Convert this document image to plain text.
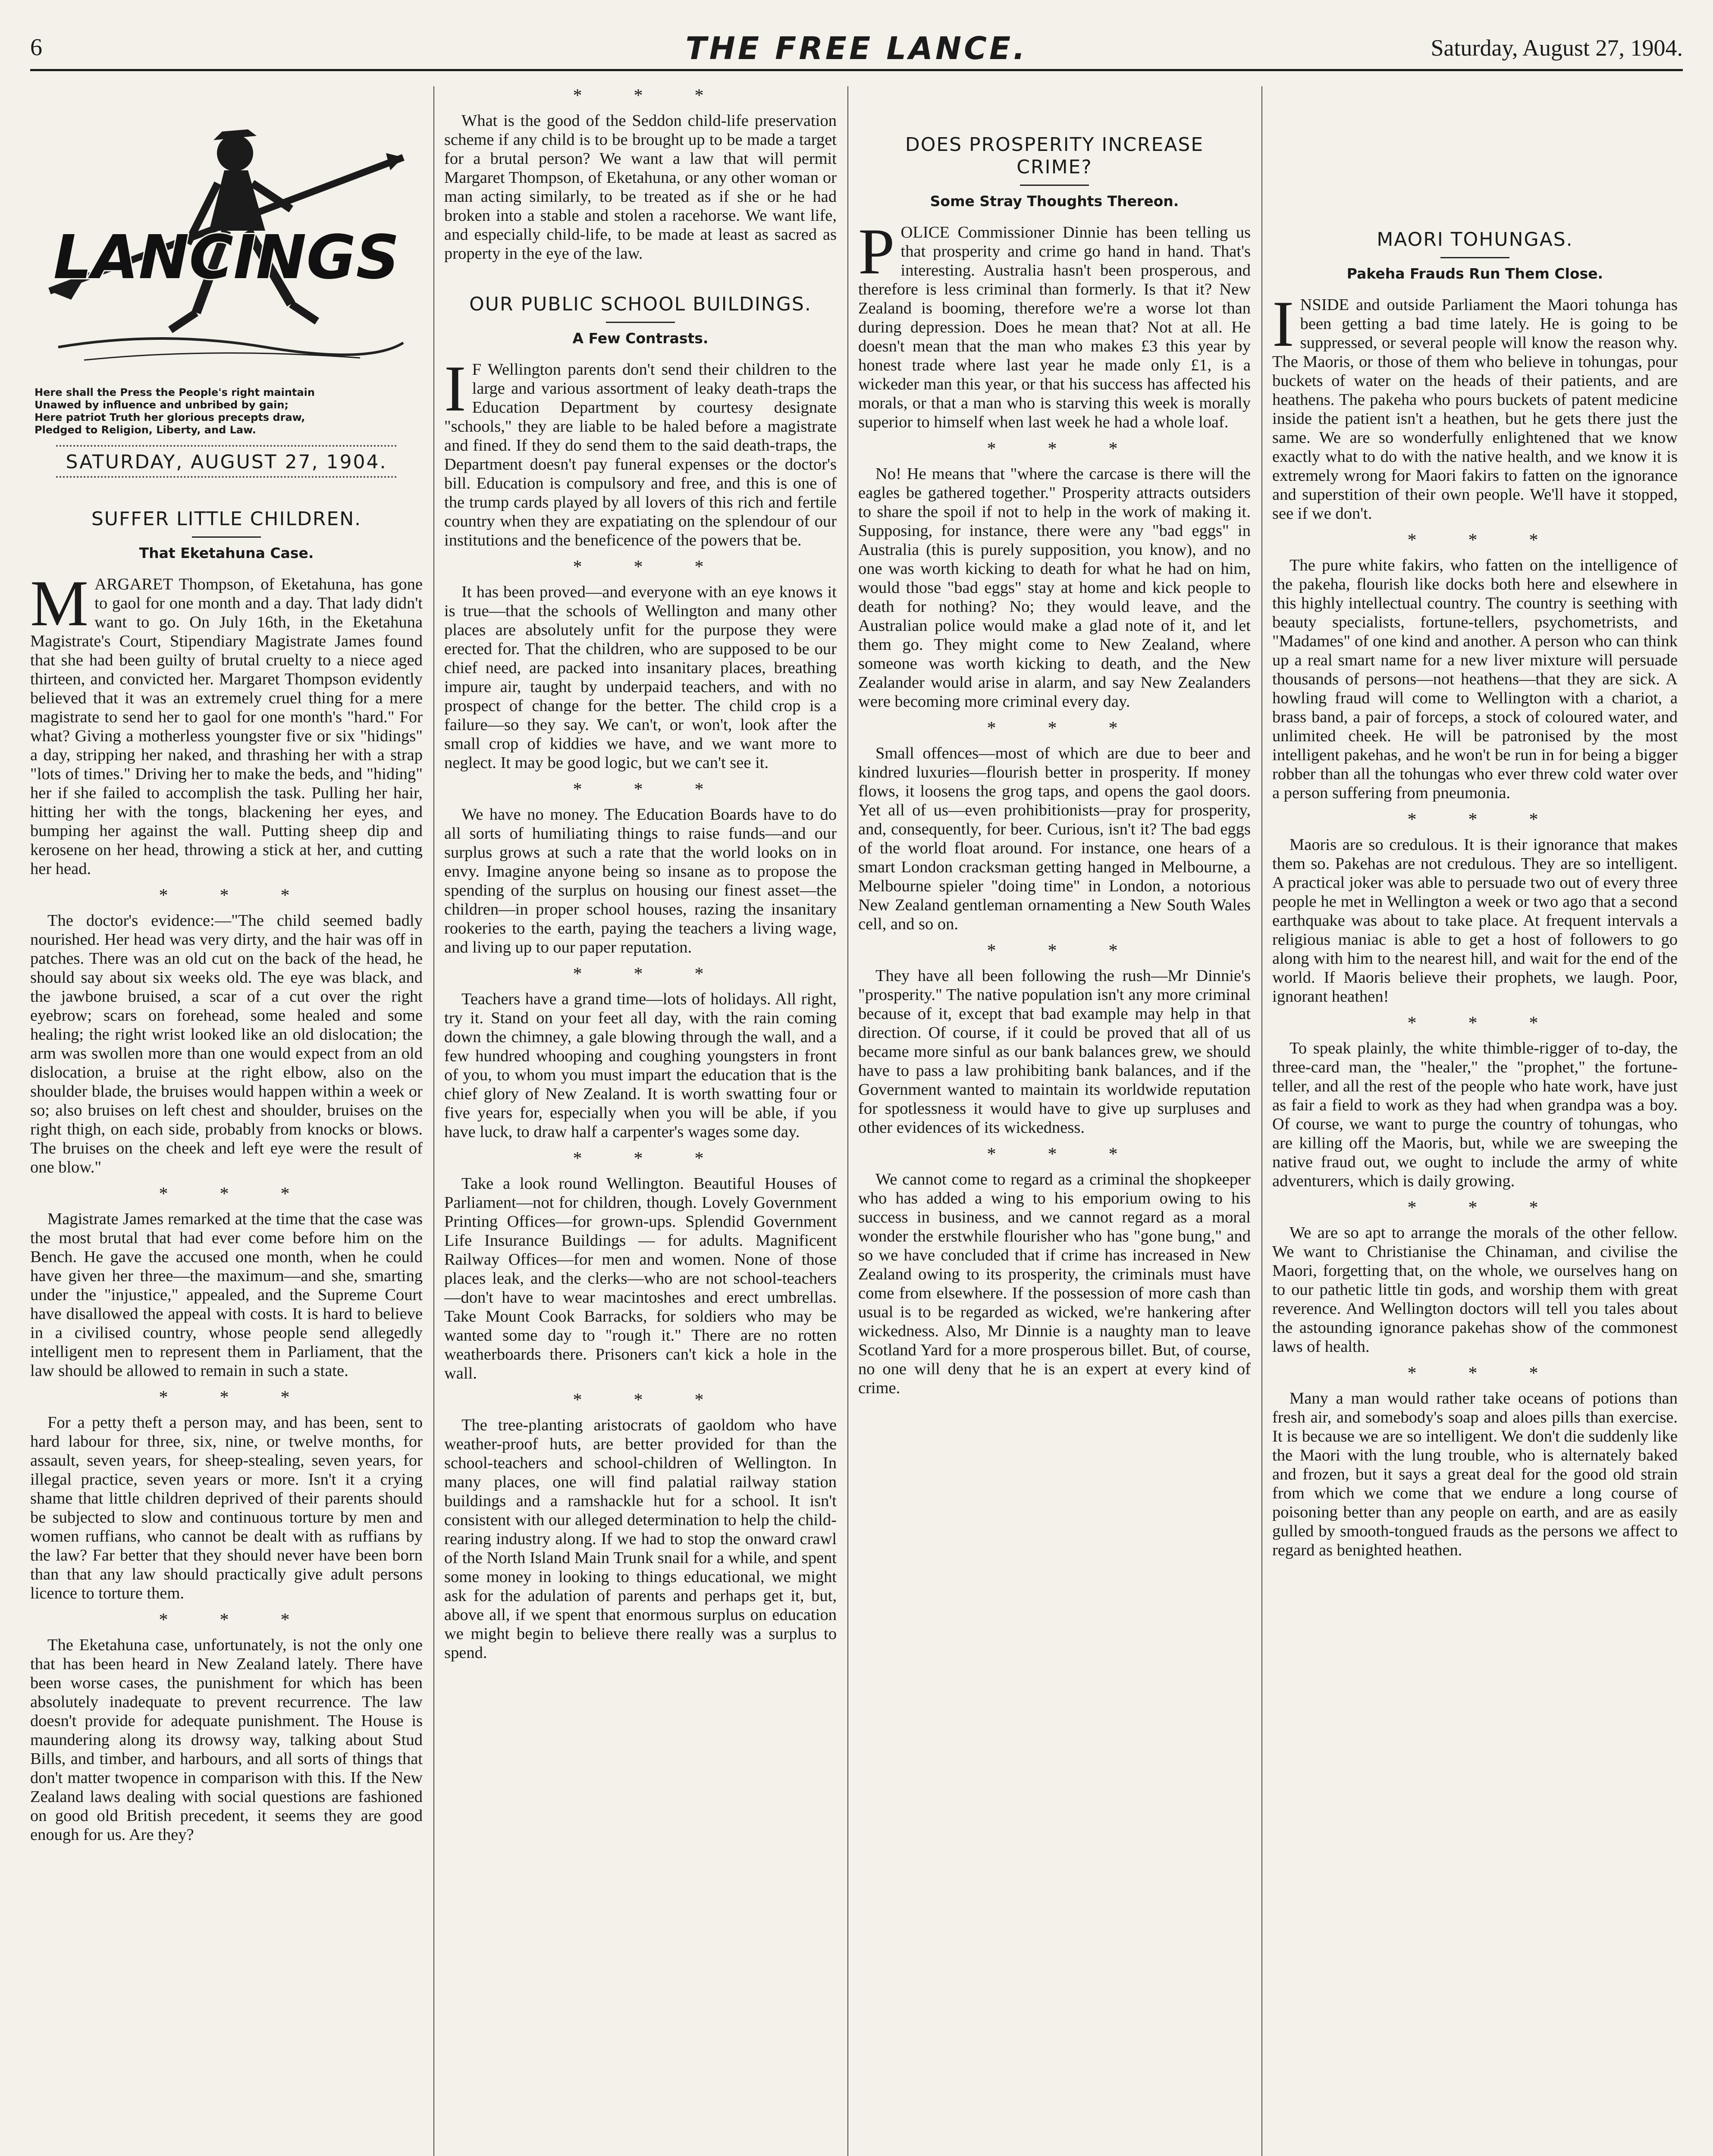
6	THE FREE LANCE.	Saturday, August 27, 1904.
LANCINGS
Here shall the Press the People's right maintain
Unawed by influence and unbribed by gain;
Here patriot Truth her glorious precepts draw,
Pledged to Religion, Liberty, and Law.
SATURDAY, AUGUST 27, 1904.
SUFFER LITTLE CHILDREN.
That Eketahuna Case.

MARGARET Thompson, of Eketahuna, has gone to gaol for one month and a day. That lady didn't want to go. On July 16th, in the Eketahuna Magistrate's Court, Stipendiary Magistrate James found that she had been guilty of brutal cruelty to a niece aged thirteen, and convicted her. Margaret Thompson evidently believed that it was an extremely cruel thing for a mere magistrate to send her to gaol for one month's "hard." For what? Giving a motherless youngster five or six "hidings" a day, stripping her naked, and thrashing her with a strap "lots of times." Driving her to make the beds, and "hiding" her if she failed to accomplish the task. Pulling her hair, hitting her with the tongs, blackening her eyes, and bumping her against the wall. Putting sheep dip and kerosene on her head, throwing a stick at her, and cutting her head.

***

The doctor's evidence:—"The child seemed badly nourished. Her head was very dirty, and the hair was off in patches. There was an old cut on the back of the head, he should say about six weeks old. The eye was black, and the jawbone bruised, a scar of a cut over the right eyebrow; scars on forehead, some healed and some healing; the right wrist looked like an old dislocation; the arm was swollen more than one would expect from an old dislocation, a bruise at the right elbow, also on the shoulder blade, the bruises would happen within a week or so; also bruises on left chest and shoulder, bruises on the right thigh, on each side, probably from knocks or blows. The bruises on the cheek and left eye were the result of one blow."

***

Magistrate James remarked at the time that the case was the most brutal that had ever come before him on the Bench. He gave the accused one month, when he could have given her three—the maximum—and she, smarting under the "injustice," appealed, and the Supreme Court have disallowed the appeal with costs. It is hard to believe in a civilised country, whose people send allegedly intelligent men to represent them in Parliament, that the law should be allowed to remain in such a state.

***

For a petty theft a person may, and has been, sent to hard labour for three, six, nine, or twelve months, for assault, seven years, for sheep-stealing, seven years, for illegal practice, seven years or more. Isn't it a crying shame that little children deprived of their parents should be subjected to slow and continuous torture by men and women ruffians, who cannot be dealt with as ruffians by the law? Far better that they should never have been born than that any law should practically give adult persons licence to torture them.

***

The Eketahuna case, unfortunately, is not the only one that has been heard in New Zealand lately. There have been worse cases, the punishment for which has been absolutely inadequate to prevent recurrence. The law doesn't provide for adequate punishment. The House is maundering along its drowsy way, talking about Stud Bills, and timber, and harbours, and all sorts of things that don't matter twopence in comparison with this. If the New Zealand laws dealing with social questions are fashioned on good old British precedent, it seems they are good enough for us. Are they?

***

What is the good of the Seddon child-life preservation scheme if any child is to be brought up to be made a target for a brutal person? We want a law that will permit Margaret Thompson, of Eketahuna, or any other woman or man acting similarly, to be treated as if she or he had broken into a stable and stolen a racehorse. We want life, and especially child-life, to be made at least as sacred as property in the eye of the law.

OUR PUBLIC SCHOOL BUILDINGS.
A Few Contrasts.

I F Wellington parents don't send their children to the large and various assortment of leaky death-traps the Education Department by courtesy designate "schools," they are liable to be haled before a magistrate and fined. If they do send them to the said death-traps, the Department doesn't pay funeral expenses or the doctor's bill. Education is compulsory and free, and this is one of the trump cards played by all lovers of this rich and fertile country when they are expatiating on the splendour of our institutions and the beneficence of the powers that be.

***

It has been proved—and everyone with an eye knows it is true—that the schools of Wellington and many other places are absolutely unfit for the purpose they were erected for. That the children, who are supposed to be our chief need, are packed into insanitary places, breathing impure air, taught by underpaid teachers, and with no prospect of change for the better. The child crop is a failure—so they say. We can't, or won't, look after the small crop of kiddies we have, and we want more to neglect. It may be good logic, but we can't see it.

***

We have no money. The Education Boards have to do all sorts of humiliating things to raise funds—and our surplus grows at such a rate that the world looks on in envy. Imagine anyone being so insane as to propose the spending of the surplus on housing our finest asset—the children—in proper school houses, razing the insanitary rookeries to the earth, paying the teachers a living wage, and living up to our paper reputation.

***

Teachers have a grand time—lots of holidays. All right, try it. Stand on your feet all day, with the rain coming down the chimney, a gale blowing through the wall, and a few hundred whooping and coughing youngsters in front of you, to whom you must impart the education that is the chief glory of New Zealand. It is worth swatting four or five years for, especially when you will be able, if you have luck, to draw half a carpenter's wages some day.

***

Take a look round Wellington. Beautiful Houses of Parliament—not for children, though. Lovely Government Printing Offices—for grown-ups. Splendid Government Life Insurance Buildings — for adults. Magnificent Railway Offices—for men and women. None of those places leak, and the clerks—who are not school-teachers—don't have to wear macintoshes and erect umbrellas. Take Mount Cook Barracks, for soldiers who may be wanted some day to "rough it." There are no rotten weatherboards there. Prisoners can't kick a hole in the wall.

***

The tree-planting aristocrats of gaoldom who have weather-proof huts, are better provided for than the school-teachers and school-children of Wellington. In many places, one will find palatial railway station buildings and a ramshackle hut for a school. It isn't consistent with our alleged determination to help the child-rearing industry along. If we had to stop the onward crawl of the North Island Main Trunk snail for a while, and spent some money in looking to things educational, we might ask for the adulation of parents and perhaps get it, but, above all, if we spent that enormous surplus on education we might begin to believe there really was a surplus to spend.

DOES PROSPERITY INCREASE CRIME?
Some Stray Thoughts Thereon.

POLICE Commissioner Dinnie has been telling us that prosperity and crime go hand in hand. That's interesting. Australia hasn't been prosperous, and therefore is less criminal than formerly. Is that it? New Zealand is booming, therefore we're a worse lot than during depression. Does he mean that? Not at all. He doesn't mean that the man who makes £3 this year by honest trade where last year he made only £1, is a wickeder man this year, or that his success has affected his morals, or that a man who is starving this week is morally superior to himself when last week he had a whole loaf.

***

No! He means that "where the carcase is there will the eagles be gathered together." Prosperity attracts outsiders to share the spoil if not to help in the work of making it. Supposing, for instance, there were any "bad eggs" in Australia (this is purely supposition, you know), and no one was worth kicking to death for what he had on him, would those "bad eggs" stay at home and kick people to death for nothing? No; they would leave, and the Australian police would make a glad note of it, and let them go. They might come to New Zealand, where someone was worth kicking to death, and the New Zealander would arise in alarm, and say New Zealanders were becoming more criminal every day.

***

Small offences—most of which are due to beer and kindred luxuries—flourish better in prosperity. If money flows, it loosens the grog taps, and opens the gaol doors. Yet all of us—even prohibitionists—pray for prosperity, and, consequently, for beer. Curious, isn't it? The bad eggs of the world float around. For instance, one hears of a smart London cracksman getting hanged in Melbourne, a Melbourne spieler "doing time" in London, a notorious New Zealand gentleman ornamenting a New South Wales cell, and so on.

***

They have all been following the rush—Mr Dinnie's "prosperity." The native population isn't any more criminal because of it, except that bad example may help in that direction. Of course, if it could be proved that all of us became more sinful as our bank balances grew, we should have to pass a law prohibiting bank balances, and if the Government wanted to maintain its worldwide reputation for spotlessness it would have to give up surpluses and other evidences of its wickedness.

***

We cannot come to regard as a criminal the shopkeeper who has added a wing to his emporium owing to his success in business, and we cannot regard as a moral wonder the erstwhile flourisher who has "gone bung," and so we have concluded that if crime has increased in New Zealand owing to its prosperity, the criminals must have come from elsewhere. If the possession of more cash than usual is to be regarded as wicked, we're hankering after wickedness. Also, Mr Dinnie is a naughty man to leave Scotland Yard for a more prosperous billet. But, of course, no one will deny that he is an expert at every kind of crime.

MAORI TOHUNGAS.
Pakeha Frauds Run Them Close.

INSIDE and outside Parliament the Maori tohunga has been getting a bad time lately. He is going to be suppressed, or several people will know the reason why. The Maoris, or those of them who believe in tohungas, pour buckets of water on the heads of their patients, and are heathens. The pakeha who pours buckets of patent medicine inside the patient isn't a heathen, but he gets there just the same. We are so wonderfully enlightened that we know exactly what to do with the native health, and we know it is extremely wrong for Maori fakirs to fatten on the ignorance and superstition of their own people. We'll have it stopped, see if we don't.

***

The pure white fakirs, who fatten on the intelligence of the pakeha, flourish like docks both here and elsewhere in this highly intellectual country. The country is seething with beauty specialists, fortune-tellers, psychometrists, and "Madames" of one kind and another. A person who can think up a real smart name for a new liver mixture will persuade thousands of persons—not heathens—that they are sick. A howling fraud will come to Wellington with a chariot, a brass band, a pair of forceps, a stock of coloured water, and unlimited cheek. He will be patronised by the most intelligent pakehas, and he won't be run in for being a bigger robber than all the tohungas who ever threw cold water over a person suffering from pneumonia.

***

Maoris are so credulous. It is their ignorance that makes them so. Pakehas are not credulous. They are so intelligent. A practical joker was able to persuade two out of every three people he met in Wellington a week or two ago that a second earthquake was about to take place. At frequent intervals a religious maniac is able to get a host of followers to go along with him to the nearest hill, and wait for the end of the world. If Maoris believe their prophets, we laugh. Poor, ignorant heathen!

***

To speak plainly, the white thimble-rigger of to-day, the three-card man, the "healer," the "prophet," the fortune-teller, and all the rest of the people who hate work, have just as fair a field to work as they had when grandpa was a boy. Of course, we want to purge the country of tohungas, who are killing off the Maoris, but, while we are sweeping the native fraud out, we ought to include the army of white adventurers, which is daily growing.

***

We are so apt to arrange the morals of the other fellow. We want to Christianise the Chinaman, and civilise the Maori, forgetting that, on the whole, we ourselves hang on to our pathetic little tin gods, and worship them with great reverence. And Wellington doctors will tell you tales about the astounding ignorance pakehas show of the commonest laws of health.

***

Many a man would rather take oceans of potions than fresh air, and somebody's soap and aloes pills than exercise. It is because we are so intelligent. We don't die suddenly like the Maori with the lung trouble, who is alternately baked and frozen, but it says a great deal for the good old strain from which we come that we endure a long course of poisoning better than any people on earth, and are as easily gulled by smooth-tongued frauds as the persons we affect to regard as benighted heathen.
